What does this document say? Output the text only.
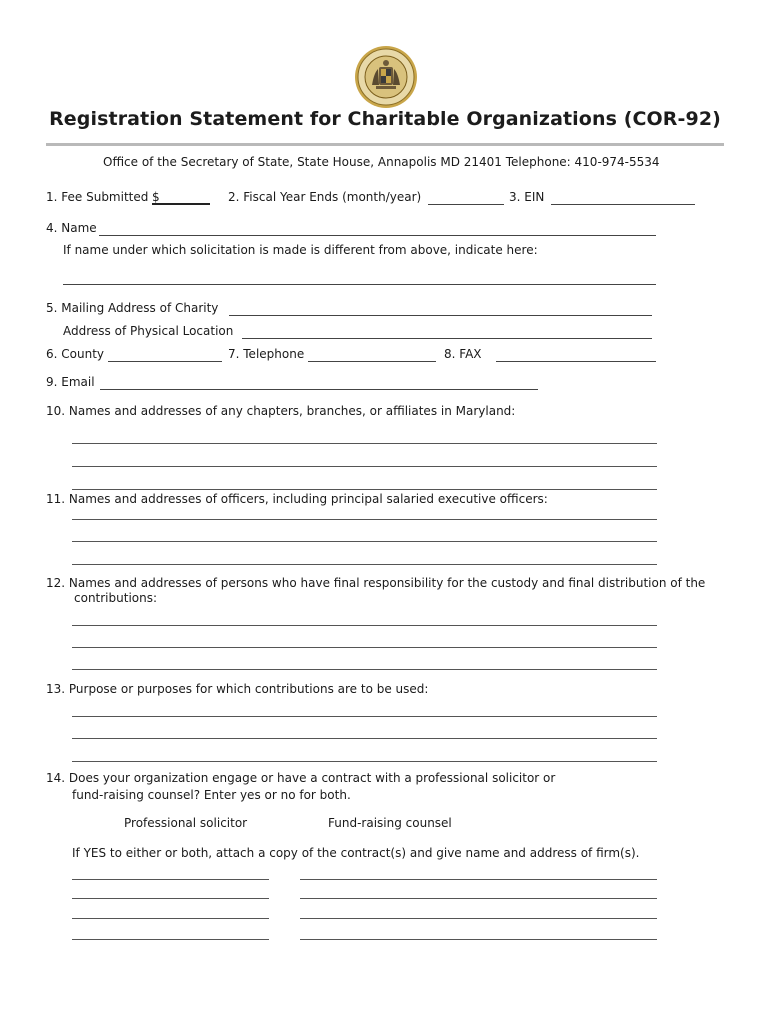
Registration Statement for Charitable Organizations (COR-92)
Office of the Secretary of State, State House, Annapolis MD 21401 Telephone: 410-974-5534
1. Fee Submitted $	2. Fiscal Year Ends (month/year)	3. EIN
4. Name
If name under which solicitation is made is different from above, indicate here:
5. Mailing Address of Charity
Address of Physical Location
6. County	7. Telephone	8. FAX
9. Email
10. Names and addresses of any chapters, branches, or affiliates in Maryland:
11. Names and addresses of officers, including principal salaried executive officers:
12. Names and addresses of persons who have final responsibility for the custody and final distribution of the
contributions:
13. Purpose or purposes for which contributions are to be used:
14. Does your organization engage or have a contract with a professional solicitor or
fund-raising counsel? Enter yes or no for both.
Professional solicitor	Fund-raising counsel
If YES to either or both, attach a copy of the contract(s) and give name and address of firm(s).
